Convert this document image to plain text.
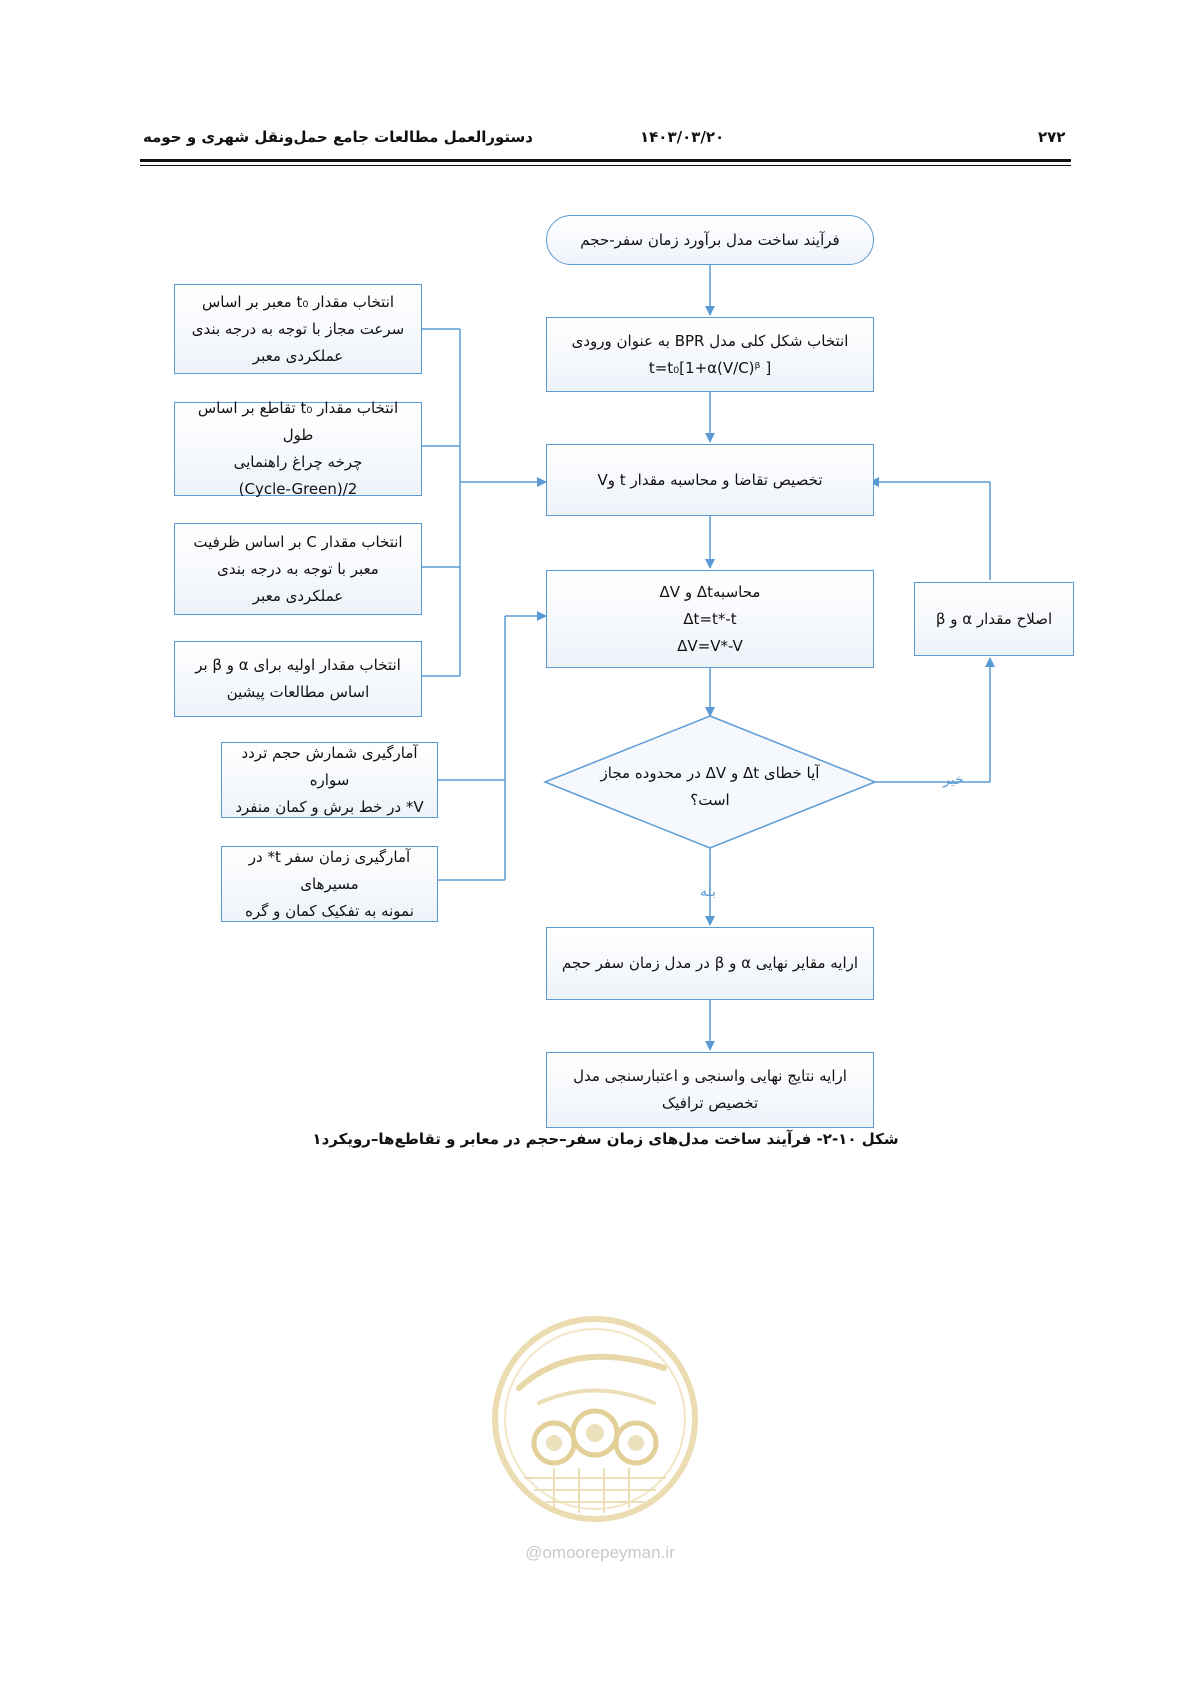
۲۷۲
۱۴۰۳/۰۳/۲۰
دستورالعمل مطالعات جامع حمل‌ونقل شهری و حومه
فرآیند ساخت مدل برآورد زمان سفر-حجم
انتخاب شکل کلی مدل BPR به عنوان ورودی
t=t₀[1+α(V/C)ᵝ ]
تخصیص تقاضا و محاسبه مقدار t وV
محاسبهΔt و ΔV
Δt=t*-t
ΔV=V*-V
آیا خطای Δt و ΔV در محدوده مجاز
است؟
بله
خیر
اصلاح مقدار α و β
ارایه مقایر نهایی α و β در مدل زمان سفر حجم
ارایه نتایج نهایی واسنجی و اعتبارسنجی مدل
تخصیص ترافیک
انتخاب مقدار t₀ معبر بر اساس
سرعت مجاز با توجه به درجه بندی
عملکردی معبر
انتخاب مقدار t₀ تقاطع بر اساس طول
چرخه چراغ راهنمایی
(Cycle-Green)/2
انتخاب مقدار C بر اساس ظرفیت
معبر با توجه به درجه بندی
عملکردی معبر
انتخاب مقدار اولیه برای α و β بر
اساس مطالعات پیشین
آمارگیری شمارش حجم تردد سواره
V* در خط برش و کمان منفرد
آمارگیری زمان سفر t* در مسیرهای
نمونه به تفکیک کمان و گره
شکل ۱۰-۲- فرآیند ساخت مدل‌های زمان سفر–حجم در معابر و تقاطع‌ها–رویکرد۱
@omoorepeyman.ir
